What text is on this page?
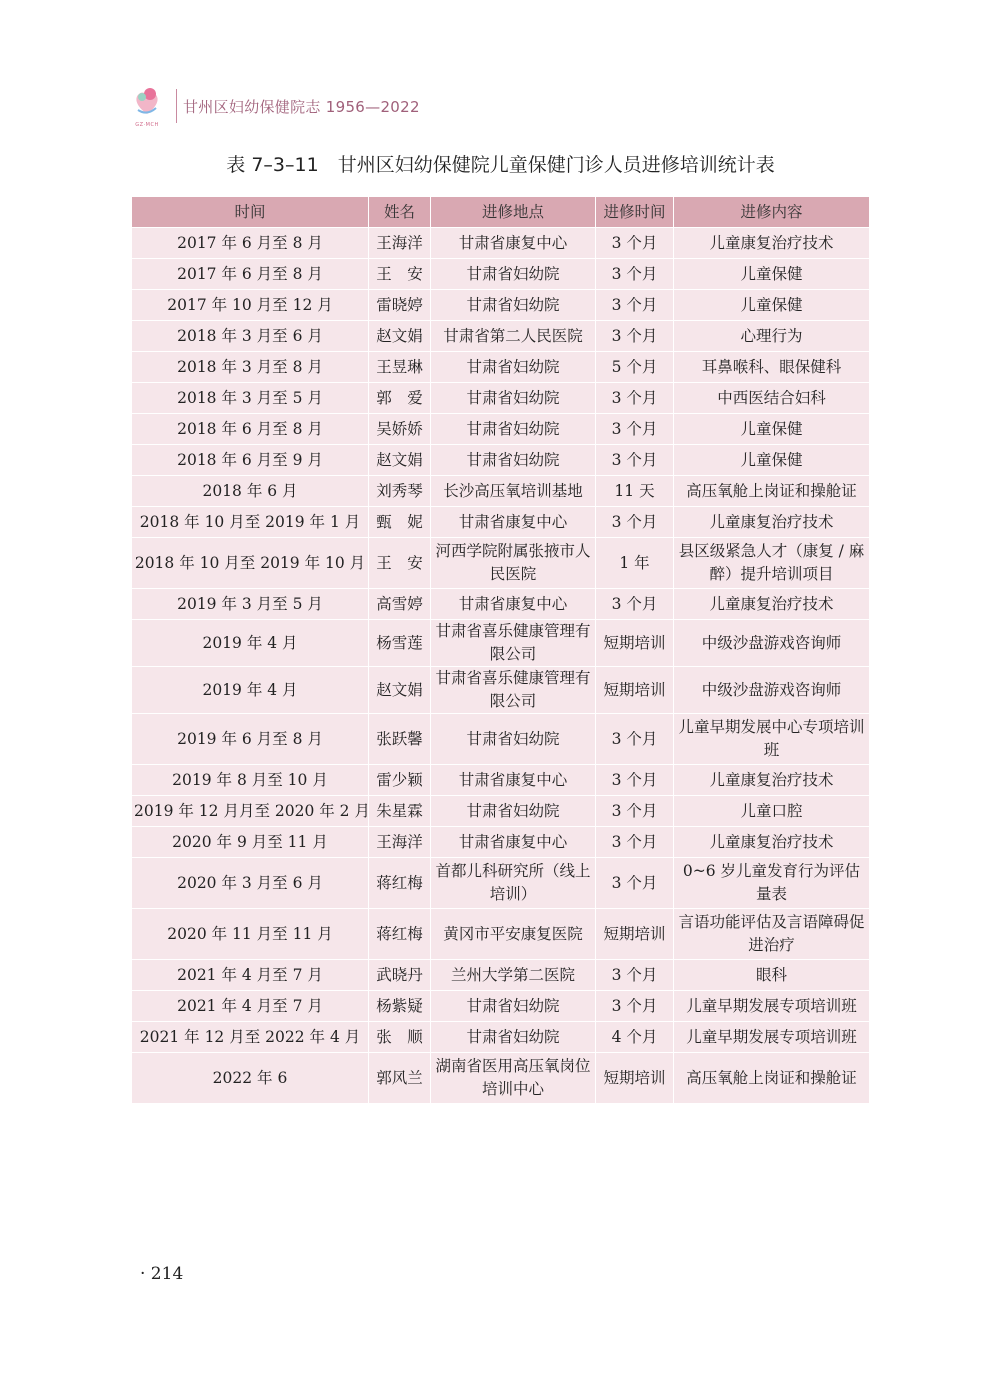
GZ·MCH
甘州区妇幼保健院志 1956—2022
表 7–3–11　甘州区妇幼保健院儿童保健门诊人员进修培训统计表
时间	姓名	进修地点	进修时间	进修内容
2017 年 6 月至 8 月	王海洋	甘肃省康复中心	3 个月	儿童康复治疗技术
2017 年 6 月至 8 月	王　安	甘肃省妇幼院	3 个月	儿童保健
2017 年 10 月至 12 月	雷晓婷	甘肃省妇幼院	3 个月	儿童保健
2018 年 3 月至 6 月	赵文娟	甘肃省第二人民医院	3 个月	心理行为
2018 年 3 月至 8 月	王昱琳	甘肃省妇幼院	5 个月	耳鼻喉科、眼保健科
2018 年 3 月至 5 月	郭　爱	甘肃省妇幼院	3 个月	中西医结合妇科
2018 年 6 月至 8 月	吴娇娇	甘肃省妇幼院	3 个月	儿童保健
2018 年 6 月至 9 月	赵文娟	甘肃省妇幼院	3 个月	儿童保健
2018 年 6 月	刘秀琴	长沙高压氧培训基地	11 天	高压氧舱上岗证和操舱证
2018 年 10 月至 2019 年 1 月	甄　妮	甘肃省康复中心	3 个月	儿童康复治疗技术
2018 年 10 月至 2019 年 10 月	王　安	河西学院附属张掖市人民医院	1 年	县区级紧急人才（康复 / 麻醉）提升培训项目
2019 年 3 月至 5 月	高雪婷	甘肃省康复中心	3 个月	儿童康复治疗技术
2019 年 4 月	杨雪莲	甘肃省喜乐健康管理有限公司	短期培训	中级沙盘游戏咨询师
2019 年 4 月	赵文娟	甘肃省喜乐健康管理有限公司	短期培训	中级沙盘游戏咨询师
2019 年 6 月至 8 月	张跃馨	甘肃省妇幼院	3 个月	儿童早期发展中心专项培训班
2019 年 8 月至 10 月	雷少颖	甘肃省康复中心	3 个月	儿童康复治疗技术
2019 年 12 月月至 2020 年 2 月	朱星霖	甘肃省妇幼院	3 个月	儿童口腔
2020 年 9 月至 11 月	王海洋	甘肃省康复中心	3 个月	儿童康复治疗技术
2020 年 3 月至 6 月	蒋红梅	首都儿科研究所（线上培训）	3 个月	0~6 岁儿童发育行为评估量表
2020 年 11 月至 11 月	蒋红梅	黄冈市平安康复医院	短期培训	言语功能评估及言语障碍促进治疗
2021 年 4 月至 7 月	武晓丹	兰州大学第二医院	3 个月	眼科
2021 年 4 月至 7 月	杨紫疑	甘肃省妇幼院	3 个月	儿童早期发展专项培训班
2021 年 12 月至 2022 年 4 月	张　顺	甘肃省妇幼院	4 个月	儿童早期发展专项培训班
2022 年 6	郭风兰	湖南省医用高压氧岗位培训中心	短期培训	高压氧舱上岗证和操舱证
· 214
